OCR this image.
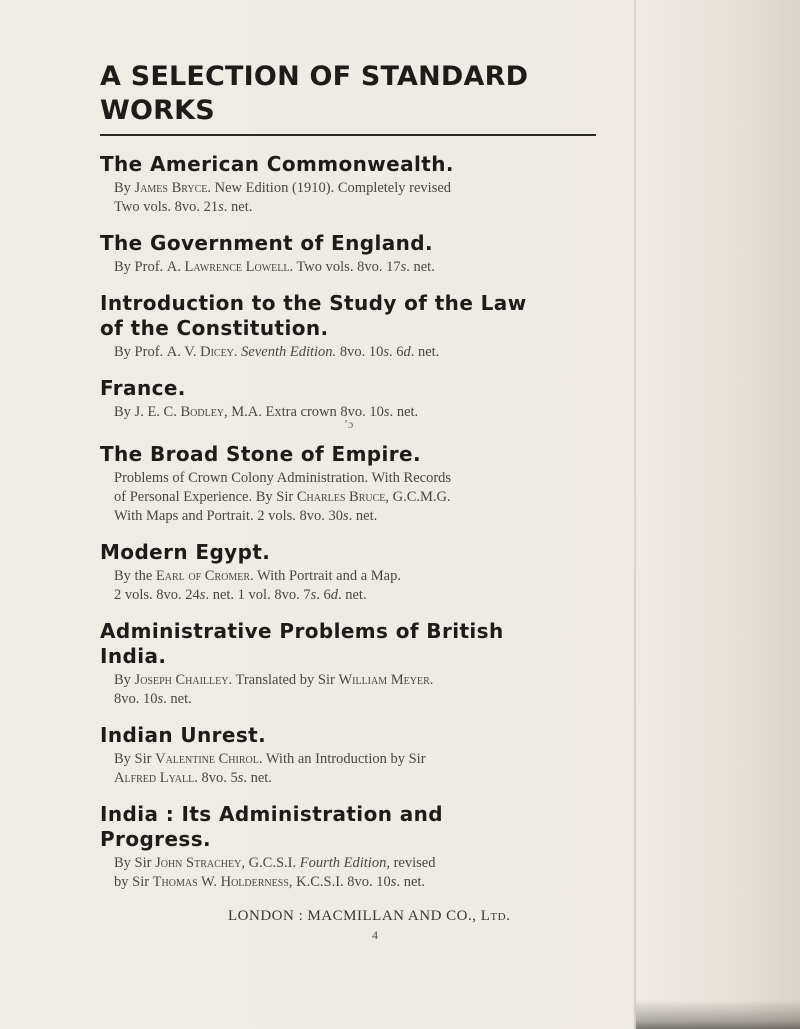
A SELECTION OF STANDARD WORKS
The American Commonwealth.
By James Bryce. New Edition (1910). Completely revised
Two vols. 8vo. 21s. net.
The Government of England.
By Prof. A. Lawrence Lowell. Two vols. 8vo. 17s. net.
Introduction to the Study of the Law
of the Constitution.
By Prof. A. V. Dicey. Seventh Edition. 8vo. 10s. 6d. net.
France.
By J. E. C. Bodley, M.A. Extra crown 8vo. 10s. net.
ʼɔ
The Broad Stone of Empire.
Problems of Crown Colony Administration. With Records
of Personal Experience. By Sir Charles Bruce, G.C.M.G.
With Maps and Portrait. 2 vols. 8vo. 30s. net.
Modern Egypt.
By the Earl of Cromer. With Portrait and a Map.
2 vols. 8vo. 24s. net. 1 vol. 8vo. 7s. 6d. net.
Administrative Problems of British
India.
By Joseph Chailley. Translated by Sir William Meyer.
8vo. 10s. net.
Indian Unrest.
By Sir Valentine Chirol. With an Introduction by Sir
Alfred Lyall. 8vo. 5s. net.
India : Its Administration and
Progress.
By Sir John Strachey, G.C.S.I. Fourth Edition, revised
by Sir Thomas W. Holderness, K.C.S.I. 8vo. 10s. net.
LONDON : MACMILLAN AND CO., Ltd.
4
